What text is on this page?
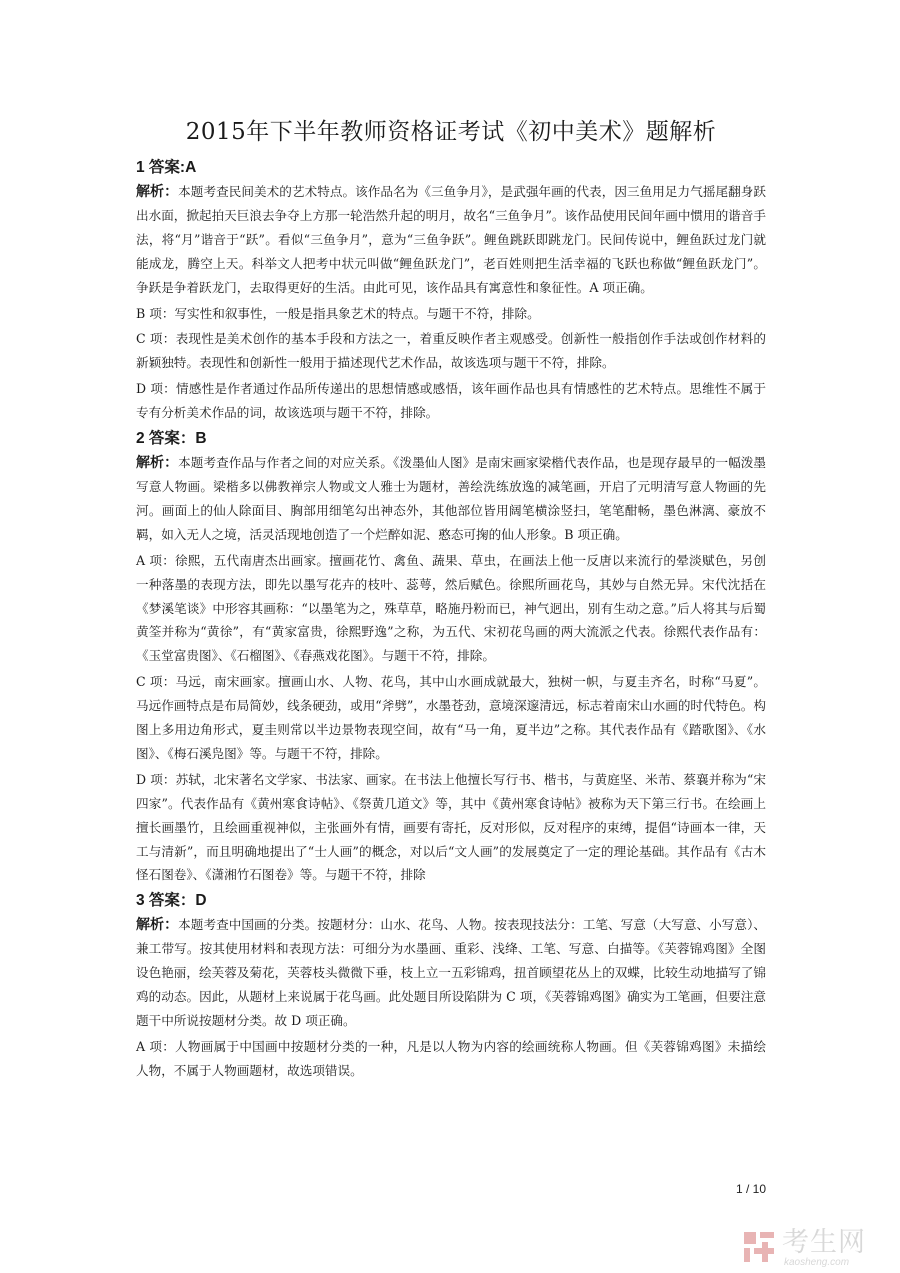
2015年下半年教师资格证考试《初中美术》题解析
1 答案:A

解析：本题考查民间美术的艺术特点。该作品名为《三鱼争月》，是武强年画的代表，因三鱼用足力气摇尾翻身跃出水面，掀起拍天巨浪去争夺上方那一轮浩然升起的明月，故名“三鱼争月”。该作品使用民间年画中惯用的谐音手法，将“月”谐音于“跃”。看似“三鱼争月”，意为“三鱼争跃”。鲤鱼跳跃即跳龙门。民间传说中，鲤鱼跃过龙门就能成龙，腾空上天。科举文人把考中状元叫做“鲤鱼跃龙门”，老百姓则把生活幸福的飞跃也称做“鲤鱼跃龙门”。争跃是争着跃龙门，去取得更好的生活。由此可见，该作品具有寓意性和象征性。A 项正确。

B 项：写实性和叙事性，一般是指具象艺术的特点。与题干不符，排除。

C 项：表现性是美术创作的基本手段和方法之一，着重反映作者主观感受。创新性一般指创作手法或创作材料的新颖独特。表现性和创新性一般用于描述现代艺术作品，故该选项与题干不符，排除。

D 项：情感性是作者通过作品所传递出的思想情感或感悟，该年画作品也具有情感性的艺术特点。思维性不属于专有分析美术作品的词，故该选项与题干不符，排除。

2 答案：B

解析：本题考查作品与作者之间的对应关系。《泼墨仙人图》是南宋画家梁楷代表作品，也是现存最早的一幅泼墨写意人物画。梁楷多以佛教禅宗人物或文人雅士为题材，善绘洗练放逸的减笔画，开启了元明清写意人物画的先河。画面上的仙人除面目、胸部用细笔勾出神态外，其他部位皆用阔笔横涂竖扫，笔笔酣畅，墨色淋漓、豪放不羁，如入无人之境，活灵活现地创造了一个烂醉如泥、憨态可掬的仙人形象。B 项正确。

A 项：徐熙，五代南唐杰出画家。擅画花竹、禽鱼、蔬果、草虫，在画法上他一反唐以来流行的晕淡赋色，另创一种落墨的表现方法，即先以墨写花卉的枝叶、蕊萼，然后赋色。徐熙所画花鸟，其妙与自然无异。宋代沈括在《梦溪笔谈》中形容其画称：“以墨笔为之，殊草草，略施丹粉而已，神气迥出，别有生动之意。”后人将其与后蜀黄筌并称为“黄徐”，有“黄家富贵，徐熙野逸”之称，为五代、宋初花鸟画的两大流派之代表。徐熙代表作品有：《玉堂富贵图》、《石榴图》、《春燕戏花图》。与题干不符，排除。

C 项：马远，南宋画家。擅画山水、人物、花鸟，其中山水画成就最大，独树一帜，与夏圭齐名，时称“马夏”。马远作画特点是布局简妙，线条硬劲，或用“斧劈”，水墨苍劲，意境深邃清远，标志着南宋山水画的时代特色。构图上多用边角形式，夏圭则常以半边景物表现空间，故有“马一角，夏半边”之称。其代表作品有《踏歌图》、《水图》、《梅石溪凫图》等。与题干不符，排除。

D 项：苏轼，北宋著名文学家、书法家、画家。在书法上他擅长写行书、楷书，与黄庭坚、米芾、蔡襄并称为“宋四家”。代表作品有《黄州寒食诗帖》、《祭黄几道文》等，其中《黄州寒食诗帖》被称为天下第三行书。在绘画上擅长画墨竹，且绘画重视神似，主张画外有情，画要有寄托，反对形似，反对程序的束缚，提倡“诗画本一律，天工与清新”，而且明确地提出了“士人画”的概念，对以后“文人画”的发展奠定了一定的理论基础。其作品有《古木怪石图卷》、《潇湘竹石图卷》等。与题干不符，排除

3 答案：D

解析：本题考查中国画的分类。按题材分：山水、花鸟、人物。按表现技法分：工笔、写意（大写意、小写意）、兼工带写。按其使用材料和表现方法：可细分为水墨画、重彩、浅绛、工笔、写意、白描等。《芙蓉锦鸡图》全图设色艳丽，绘芙蓉及菊花，芙蓉枝头微微下垂，枝上立一五彩锦鸡，扭首顾望花丛上的双蝶，比较生动地描写了锦鸡的动态。因此，从题材上来说属于花鸟画。此处题目所设陷阱为 C 项，《芙蓉锦鸡图》确实为工笔画，但要注意题干中所说按题材分类。故 D 项正确。

A 项：人物画属于中国画中按题材分类的一种，凡是以人物为内容的绘画统称人物画。但《芙蓉锦鸡图》未描绘人物，不属于人物画题材，故选项错误。

1 / 10
考生网
kaosheng.com
